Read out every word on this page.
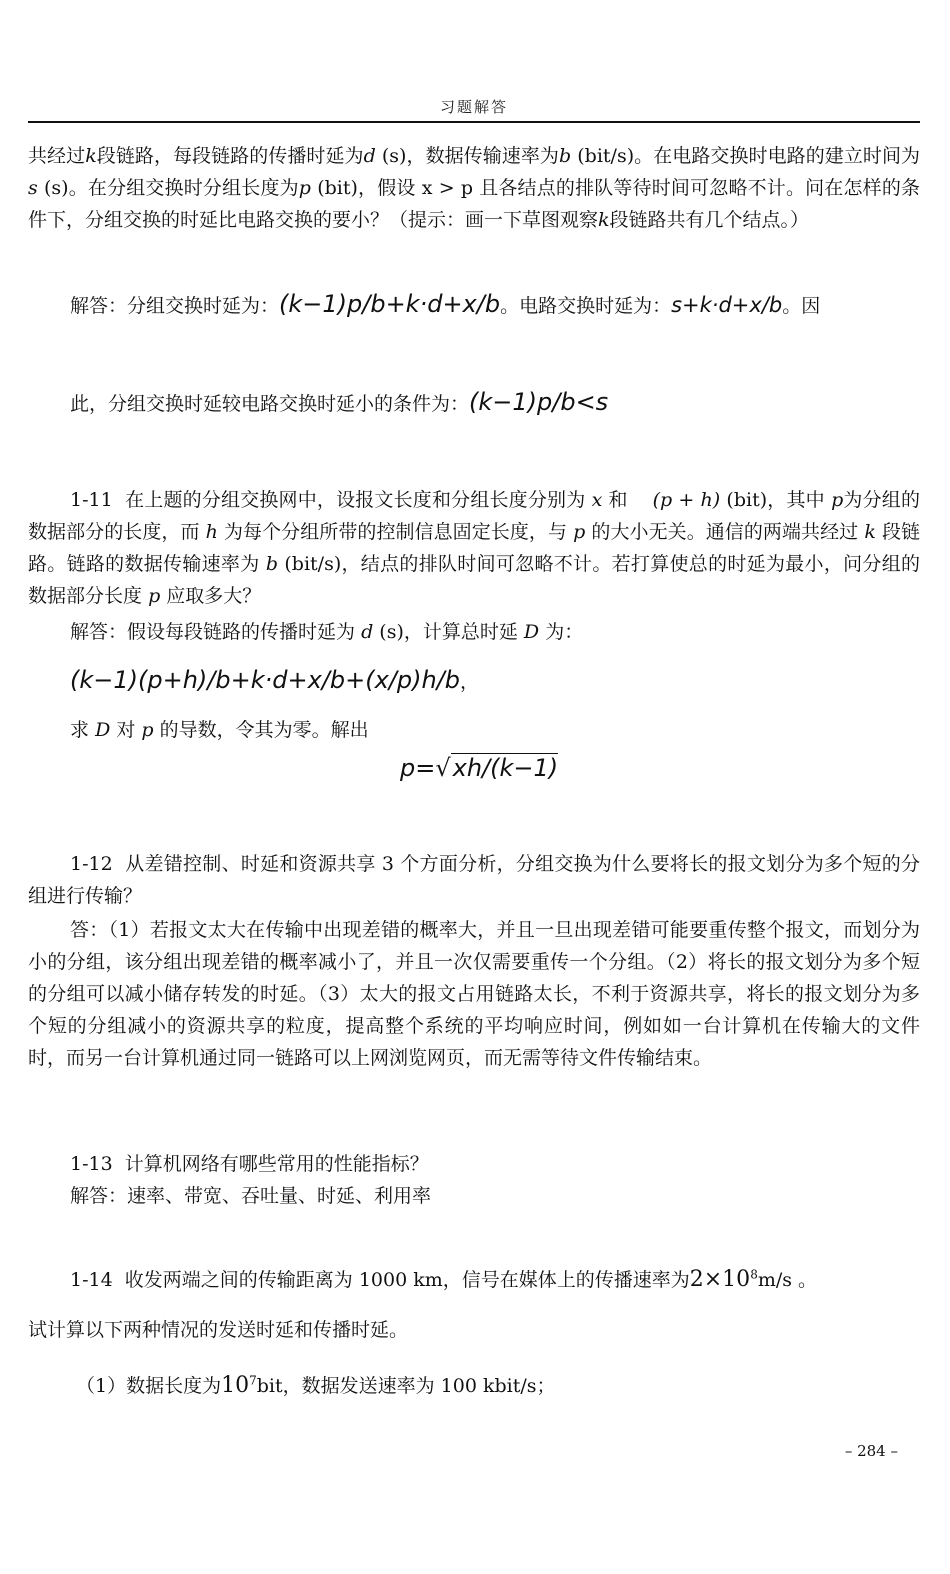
习题解答

共经过k段链路，每段链路的传播时延为d (s)，数据传输速率为b (bit/s)。在电路交换时电路的建立时间为s (s)。在分组交换时分组长度为p (bit)，假设 x > p 且各结点的排队等待时间可忽略不计。问在怎样的条件下，分组交换的时延比电路交换的要小？（提示：画一下草图观察k段链路共有几个结点。）

解答：分组交换时延为：(k−1)p/b+k·d+x/b。电路交换时延为：s+k·d+x/b。因

此，分组交换时延较电路交换时延小的条件为：(k−1)p/b<s

1-11 在上题的分组交换网中，设报文长度和分组长度分别为 x 和 (p + h) (bit)，其中 p为分组的数据部分的长度，而 h 为每个分组所带的控制信息固定长度，与 p 的大小无关。通信的两端共经过 k 段链路。链路的数据传输速率为 b (bit/s)，结点的排队时间可忽略不计。若打算使总的时延为最小，问分组的数据部分长度 p 应取多大？

解答：假设每段链路的传播时延为 d (s)，计算总时延 D 为：

(k−1)(p+h)/b+k·d+x/b+(x/p)h/b，

求 D 对 p 的导数，令其为零。解出

p=√xh/(k−1)

1-12 从差错控制、时延和资源共享 3 个方面分析，分组交换为什么要将长的报文划分为多个短的分组进行传输？

答：（1）若报文太大在传输中出现差错的概率大，并且一旦出现差错可能要重传整个报文，而划分为小的分组，该分组出现差错的概率减小了，并且一次仅需要重传一个分组。（2）将长的报文划分为多个短的分组可以减小储存转发的时延。（3）太大的报文占用链路太长，不利于资源共享，将长的报文划分为多个短的分组减小的资源共享的粒度，提高整个系统的平均响应时间，例如如一台计算机在传输大的文件时，而另一台计算机通过同一链路可以上网浏览网页，而无需等待文件传输结束。

1-13 计算机网络有哪些常用的性能指标？

解答：速率、带宽、吞吐量、时延、利用率

1-14 收发两端之间的传输距离为 1000 km，信号在媒体上的传播速率为$2\times 10^8m/s$ 。

试计算以下两种情况的发送时延和传播时延。

（1）数据长度为$10^7bit$，数据发送速率为 100 kbit/s；

– 284 –
